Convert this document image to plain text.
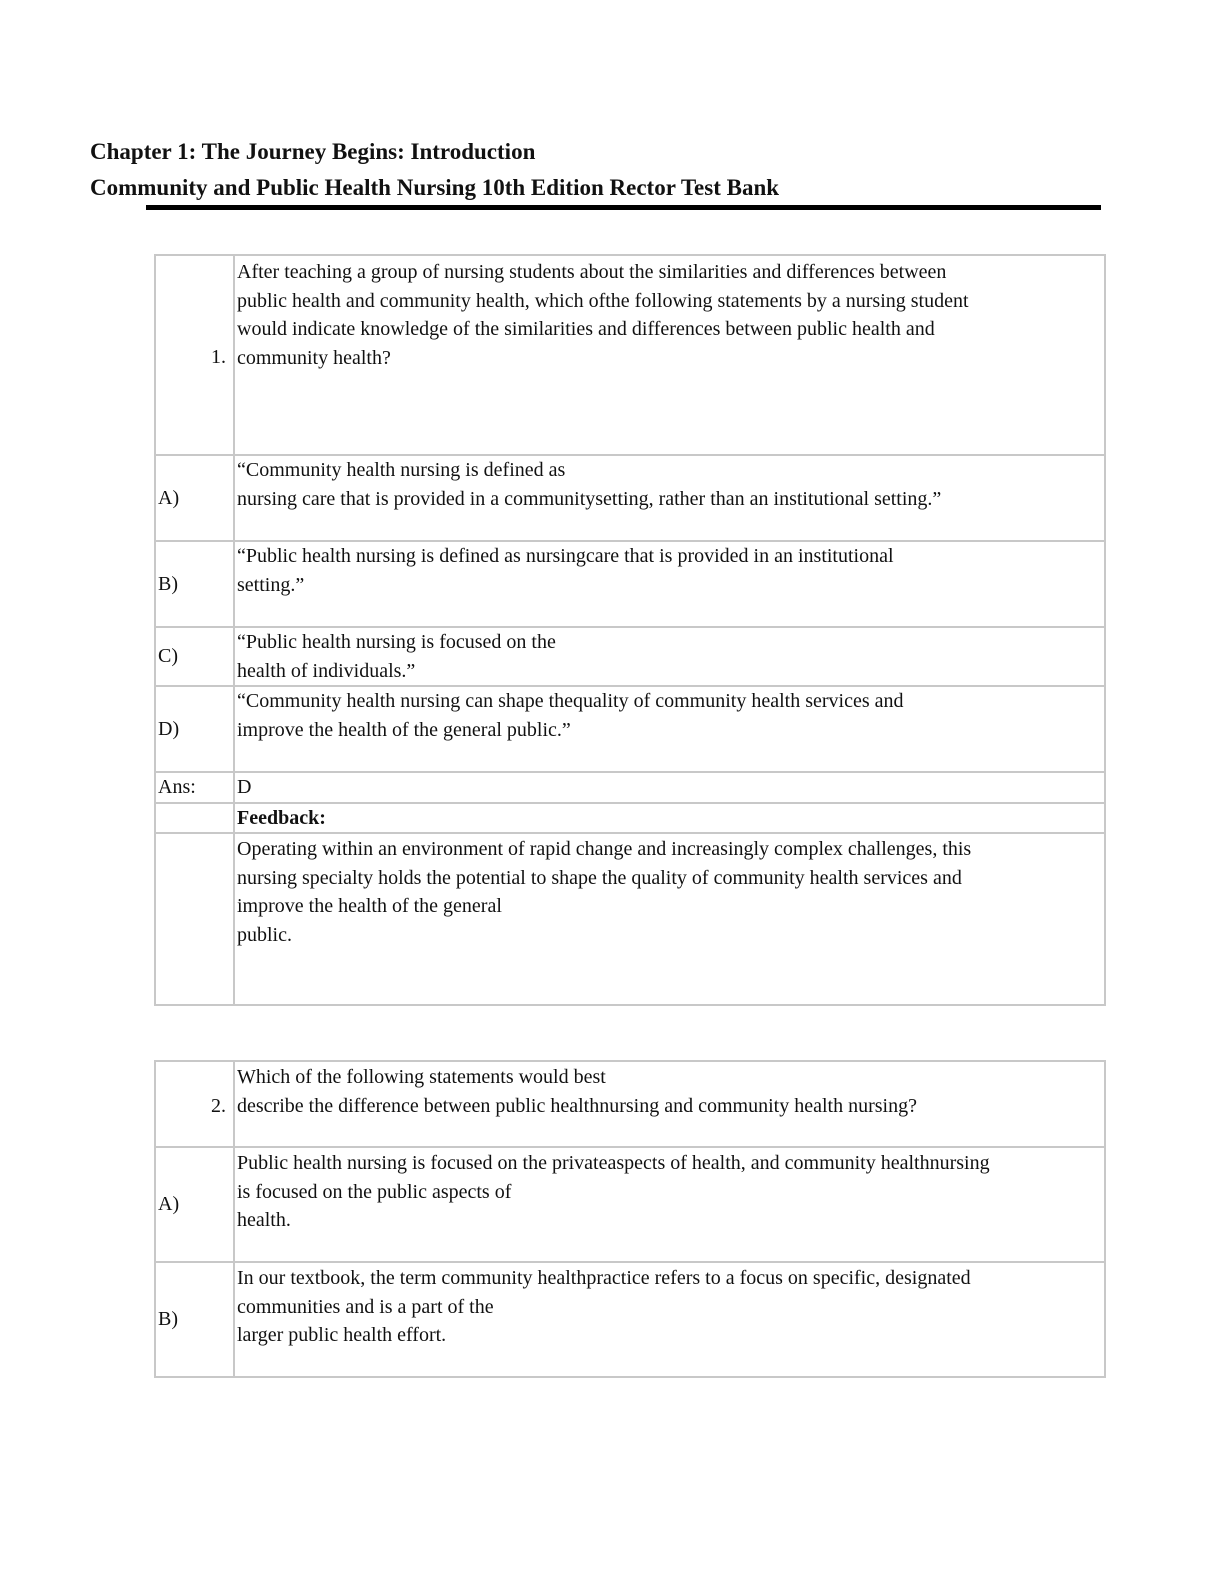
Chapter 1: The Journey Begins: Introduction
Community and Public Health Nursing 10th Edition Rector Test Bank
1.	After teaching a group of nursing students about the similarities and differences between
public health and community health, which ofthe following statements by a nursing student
would indicate knowledge of the similarities and differences between public health and
community health?
A)	“Community health nursing is defined as
nursing care that is provided in a communitysetting, rather than an institutional setting.”
B)	“Public health nursing is defined as nursingcare that is provided in an institutional
setting.”
C)	“Public health nursing is focused on the
health of individuals.”
D)	“Community health nursing can shape thequality of community health services and
improve the health of the general public.”
Ans:	D
	Feedback:
	Operating within an environment of rapid change and increasingly complex challenges, this
nursing specialty holds the potential to shape the quality of community health services and
improve the health of the general
public.
2.	Which of the following statements would best
describe the difference between public healthnursing and community health nursing?
A)	Public health nursing is focused on the privateaspects of health, and community healthnursing
is focused on the public aspects of
health.
B)	In our textbook, the term community healthpractice refers to a focus on specific, designated
communities and is a part of the
larger public health effort.
